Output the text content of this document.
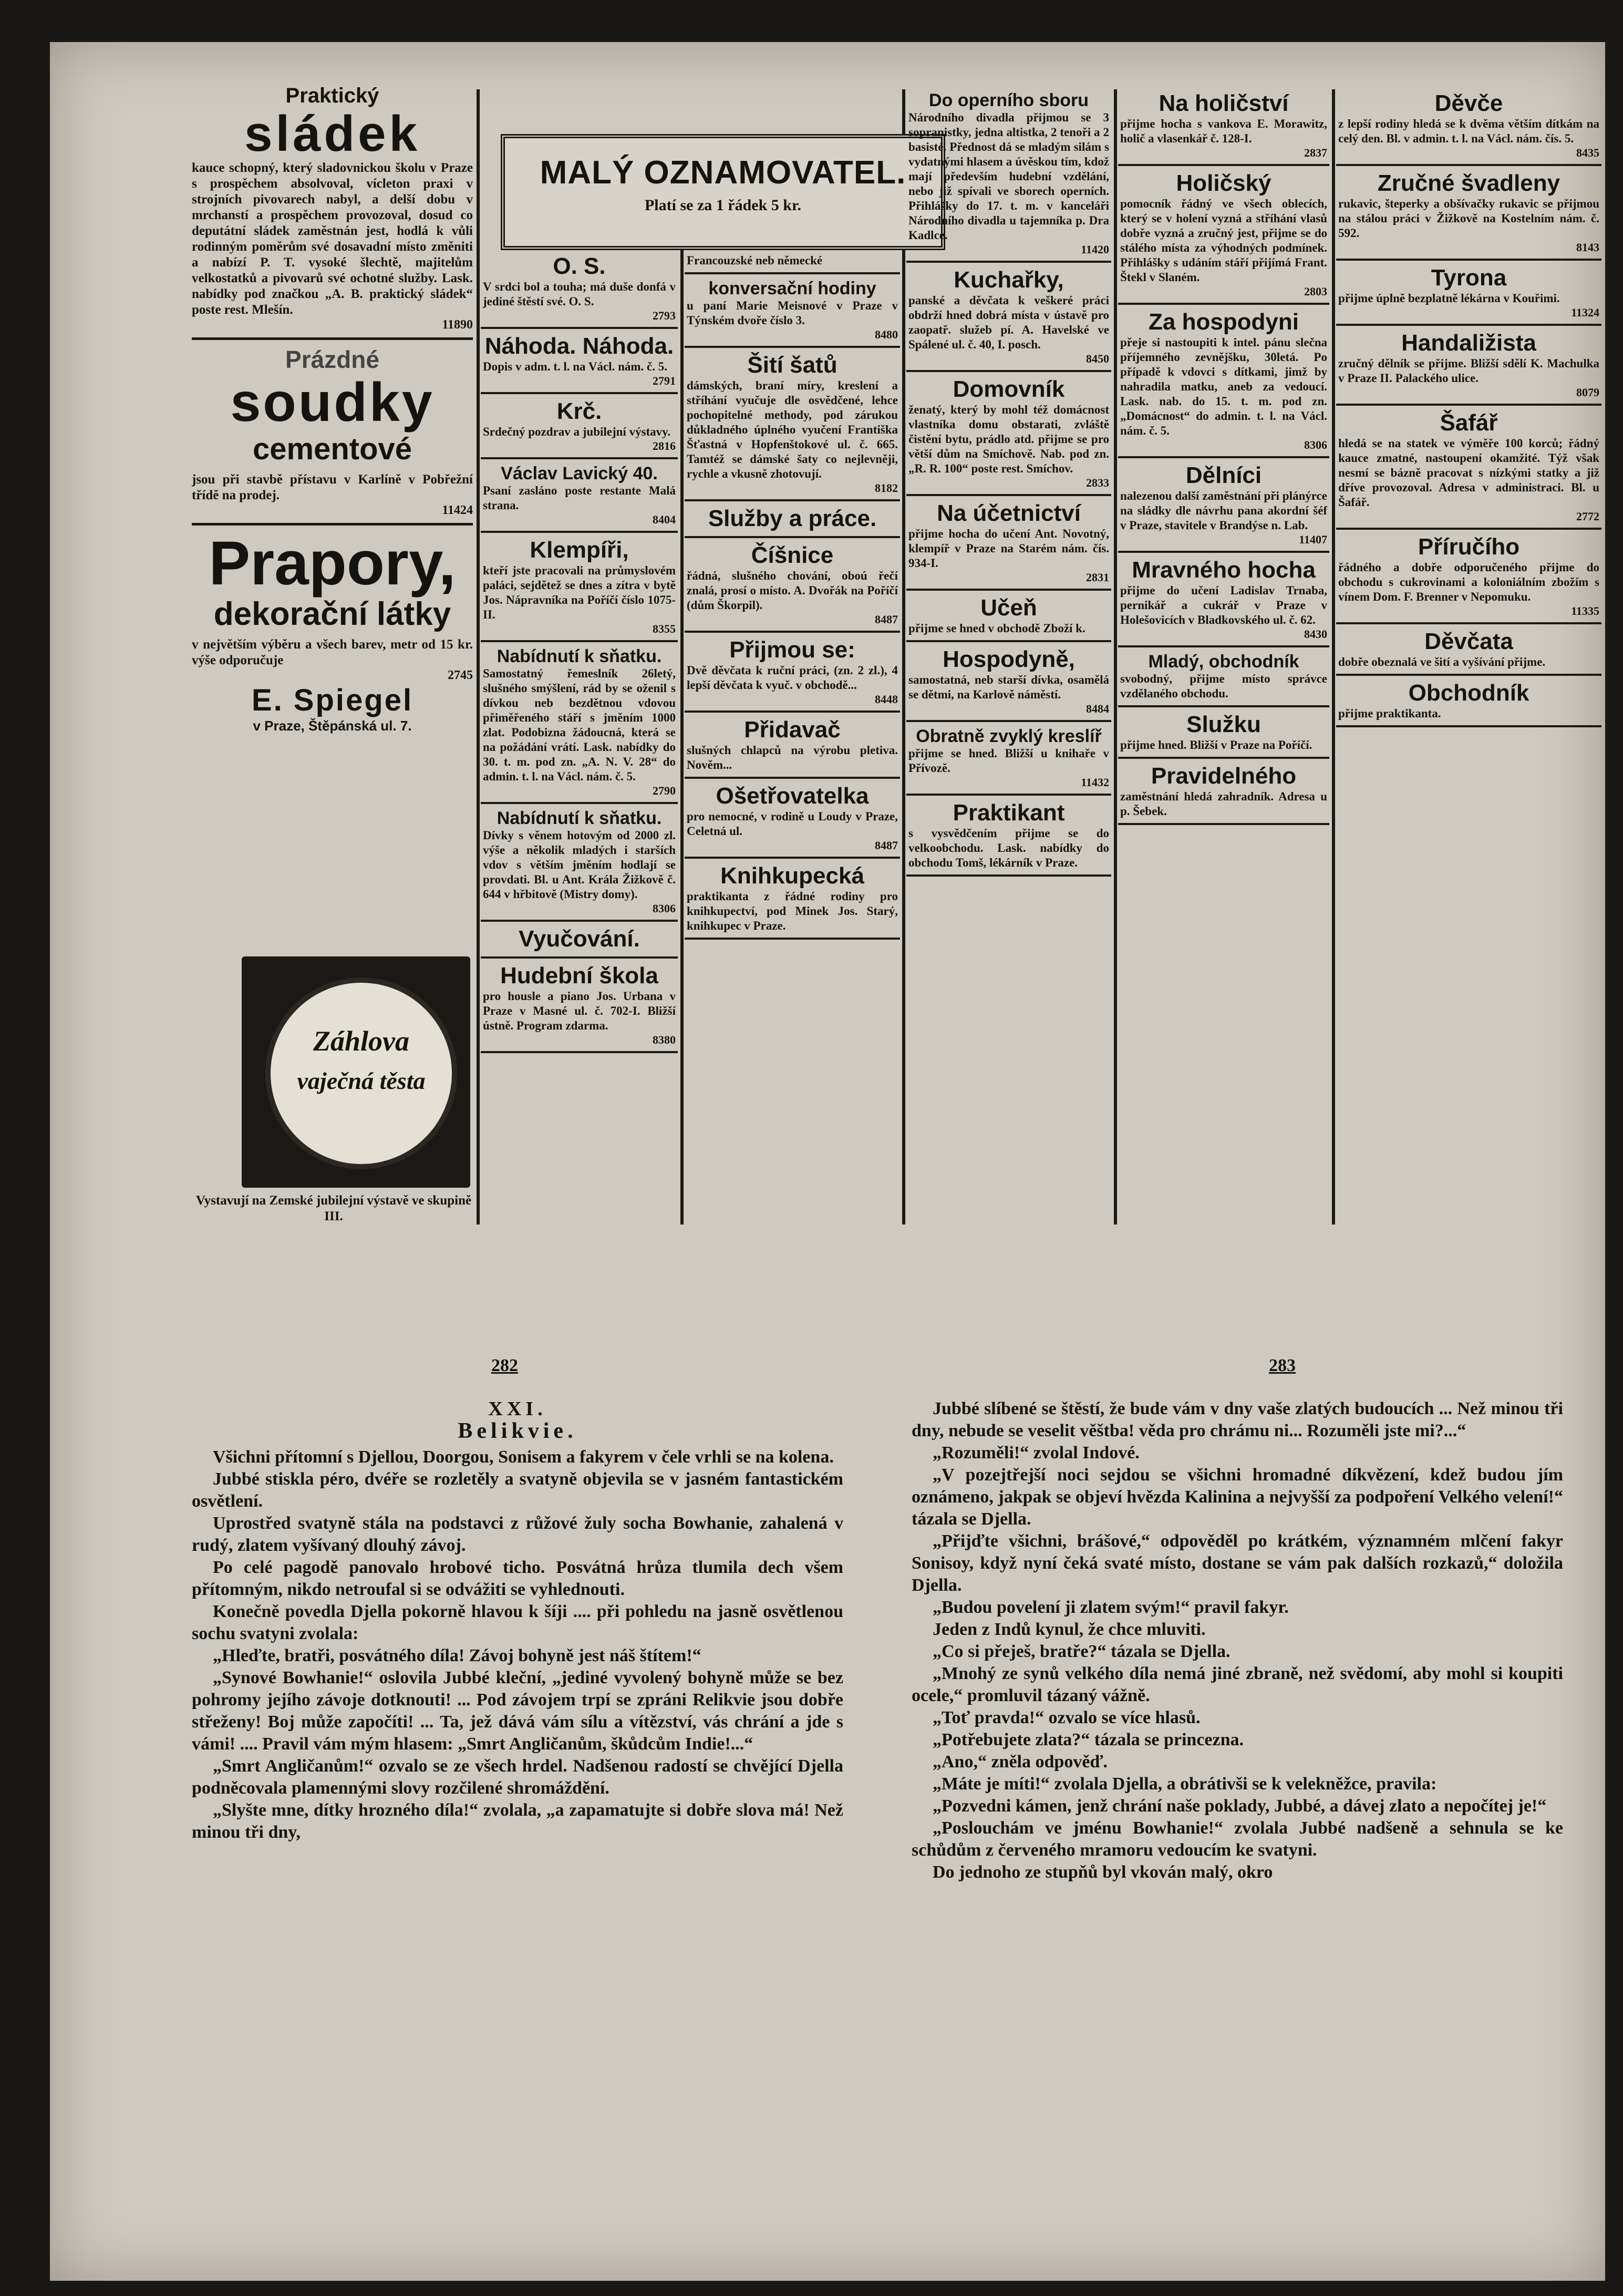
Praktický
sládek

kauce schopný, který sladovnickou školu v Praze s prospěchem absolvoval, vícleton praxi v strojních pivovarech nabyl, a delší dobu v mrchanstí a prospěchem provozoval, dosud co deputátní sládek zaměstnán jest, hodlá k vůli rodinným poměrům své dosavadní místo změniti a nabízí P. T. vysoké šlechtě, majitelům velkostatků a pivovarů své ochotné služby. Lask. nabídky pod značkou „A. B. praktický sládek“ poste rest. Mlešín.

11890
Prázdné
soudky
cementové

jsou při stavbě přístavu v Karlíně v Pobřežní třídě na prodej.

11424
Prapory,
dekorační látky

v největším výběru a všech barev, metr od 15 kr. výše odporučuje

2745
E. Spiegel
v Praze, Štěpánská ul. 7.
Záhlova
vaječná těsta

Vystavují na Zemské jubilejní výstavě ve skupině III.

MALÝ OZNAMOVATEL.
Platí se za 1 řádek 5 kr.
O. S.

V srdci bol a touha; má duše donfá v jediné štěstí své. O. S.

2793
Náhoda. Náhoda.

Dopis v adm. t. l. na Václ. nám. č. 5.

2791
Krč.

Srdečný pozdrav a jubilejní výstavy.

2816
Václav Lavický 40.

Psaní zasláno poste restante Malá strana.

8404
Klempíři,

kteří jste pracovali na průmyslovém paláci, sejdětež se dnes a zítra v bytě Jos. Nápravníka na Poříčí číslo 1075-II.

8355
Nabídnutí k sňatku.

Samostatný řemeslník 26letý, slušného smýšlení, rád by se oženil s dívkou neb bezdětnou vdovou přiměřeného stáří s jměním 1000 zlat. Podobizna žádoucná, která se na požádání vrátí. Lask. nabídky do 30. t. m. pod zn. „A. N. V. 28“ do admin. t. l. na Václ. nám. č. 5.

2790
Nabídnutí k sňatku.

Dívky s věnem hotovým od 2000 zl. výše a několik mladých i starších vdov s větším jměním hodlají se provdati. Bl. u Ant. Krála Žižkově č. 644 v hřbitově (Mistry domy).

8306
Vyučování.
Hudební škola

pro housle a piano Jos. Urbana v Praze v Masné ul. č. 702-I. Bližší ústně. Program zdarma.

8380

Francouzské neb německé

konversační hodiny

u paní Marie Meisnové v Praze v Týnském dvoře číslo 3.

8480
Šití šatů

dámských, braní míry, kreslení a stříhání vyučuje dle osvědčené, lehce pochopitelné methody, pod zárukou důkladného úplného vyučení Františka Šťastná v Hopfenštokové ul. č. 665. Tamtéž se dámské šaty co nejlevněji, rychle a vkusně zhotovují.

8182
Služby a práce.
Číšnice

řádná, slušného chování, oboú řečí znalá, prosí o místo. A. Dvořák na Poříčí (dům Škorpil).

8487
Přijmou se:

Dvě děvčata k ruční práci, (zn. 2 zl.), 4 lepší děvčata k vyuč. v obchodě...

8448
Přidavač

slušných chlapců na výrobu pletiva. Nověm...

Ošetřovatelka

pro nemocné, v rodině u Loudy v Praze, Celetná ul.

8487
Knihkupecká

praktikanta z řádné rodiny pro knihkupectví, pod Minek Jos. Starý, knihkupec v Praze.

Do operního sboru

Národního divadla přijmou se 3 sopranistky, jedna altistka, 2 tenoři a 2 basisté. Přednost dá se mladým silám s vydatnými hlasem a úvěskou tím, kdož mají především hudební vzdělání, nebo již spívali ve sborech operních. Přihlášky do 17. t. m. v kanceláři Národního divadla u tajemníka p. Dra Kadlce.

11420
Kuchařky,

panské a děvčata k veškeré práci obdrží hned dobrá místa v ústavě pro zaopatř. služeb pí. A. Havelské ve Spálené ul. č. 40, I. posch.

8450
Domovník

ženatý, který by mohl též domácnost vlastníka domu obstarati, zvláště čistění bytu, prádlo atd. přijme se pro větší dům na Smíchově. Nab. pod zn. „R. R. 100“ poste rest. Smíchov.

2833
Na účetnictví

přijme hocha do učení Ant. Novotný, klempíř v Praze na Starém nám. čís. 934-I.

2831
Učeň

přijme se hned v obchodě Zboží k.

Hospodyně,

samostatná, neb starší dívka, osamělá se dětmi, na Karlově náměstí.

8484
Obratně zvyklý kreslíř

přijme se hned. Bližší u knihaře v Přívozě.

11432
Praktikant

s vysvědčením přijme se do velkoobchodu. Lask. nabídky do obchodu Tomš, lékárník v Praze.

Na holičství

přijme hocha s vankova E. Morawitz, holič a vlasenkář č. 128-I.

2837
Holičský

pomocník řádný ve všech oblecích, který se v holení vyzná a stříhání vlasů dobře vyzná a zručný jest, přijme se do stálého místa za výhodných podmínek. Přihlášky s udáním stáří přijímá Frant. Štekl v Slaném.

2803
Za hospodyni

přeje si nastoupiti k intel. pánu slečna příjemného zevnějšku, 30letá. Po případě k vdovci s dítkami, jimž by nahradila matku, aneb za vedoucí. Lask. nab. do 15. t. m. pod zn. „Domácnost“ do admin. t. l. na Václ. nám. č. 5.

8306
Dělníci

nalezenou další zaměstnání při plánýrce na sládky dle návrhu pana akordní šéf v Praze, stavitele v Brandýse n. Lab.

11407
Mravného hocha

přijme do učení Ladislav Trnaba, pernikář a cukrář v Praze v Holešovicích v Bladkovského ul. č. 62.

8430
Mladý, obchodník

svobodný, přijme místo správce vzdělaného obchodu.

Služku

přijme hned. Bližší v Praze na Poříčí.

Pravidelného

zaměstnání hledá zahradník. Adresa u p. Šebek.

Děvče

z lepší rodiny hledá se k dvěma větším dítkám na celý den. Bl. v admin. t. l. na Václ. nám. čís. 5.

8435
Zručné švadleny

rukavic, šteperky a obšívačky rukavic se přijmou na stálou práci v Žižkově na Kostelním nám. č. 592.

8143
Tyrona

přijme úplně bezplatně lékárna v Kouřimi.

11324
Handaližista

zručný dělník se přijme. Bližší sdělí K. Machulka v Praze II. Palackého ulice.

8079
Šafář

hledá se na statek ve výměře 100 korců; řádný kauce zmatné, nastoupení okamžité. Týž však nesmí se bázně pracovat s nízkými statky a již dříve provozoval. Adresa v administraci. Bl. u Šafář.

2772
Příručího

řádného a dobře odporučeného přijme do obchodu s cukrovinami a koloniálním zbožím s vínem Dom. F. Brenner v Nepomuku.

11335
Děvčata

dobře obeznalá ve šití a vyšívání přijme.

Obchodník

přijme praktikanta.

282	283

XXI.

Belikvie.

Všichni přítomní s Djellou, Doorgou, Sonisem a fakyrem v čele vrhli se na kolena.

Jubbé stiskla péro, dvéře se rozletěly a svatyně objevila se v jasném fantastickém osvětlení.

Uprostřed svatyně stála na podstavci z růžové žuly socha Bowhanie, zahalená v rudý, zlatem vyšívaný dlouhý závoj.

Po celé pagodě panovalo hrobové ticho. Posvátná hrůza tlumila dech všem přítomným, nikdo netroufal si se odvážiti se vyhlednouti.

Konečně povedla Djella pokorně hlavou k šíji .... při pohledu na jasně osvětlenou sochu svatyni zvolala:

„Hleďte, bratři, posvátného díla! Závoj bohyně jest náš štítem!“

„Synové Bowhanie!“ oslovila Jubbé kleční, „jediné vyvolený bohyně může se bez pohromy jejího závoje dotknouti! ... Pod závojem trpí se zpráni Relikvie jsou dobře střeženy! Boj může započíti! ... Ta, jež dává vám sílu a vítězství, vás chrání a jde s vámi! .... Pravil vám mým hlasem: „Smrt Angličanům, škůdcům Indie!...“

„Smrt Angličanům!“ ozvalo se ze všech hrdel. Nadšenou radostí se chvějící Djella podněcovala plamennými slovy rozčilené shromáždění.

„Slyšte mne, dítky hrozného díla!“ zvolala, „a zapamatujte si dobře slova má! Než minou tři dny,

Jubbé slíbené se štěstí, že bude vám v dny vaše zlatých budoucích ... Než minou tři dny, nebude se veselit věštba! věda pro chrámu ni... Rozuměli jste mi?...“

„Rozuměli!“ zvolal Indové.

„V pozejtřejší noci sejdou se všichni hromadné díkvězení, kdež budou jím oznámeno, jakpak se objeví hvězda Kalinina a nejvyšší za podpoření Velkého velení!“ tázala se Djella.

„Přijďte všichni, brášové,“ odpověděl po krátkém, významném mlčení fakyr Sonisoy, když nyní čeká svaté místo, dostane se vám pak dalších rozkazů,“ doložila Djella.

„Budou povelení ji zlatem svým!“ pravil fakyr.

Jeden z Indů kynul, že chce mluviti.

„Co si přeješ, bratře?“ tázala se Djella.

„Mnohý ze synů velkého díla nemá jiné zbraně, než svědomí, aby mohl si koupiti ocele,“ promluvil tázaný vážně.

„Toť pravda!“ ozvalo se více hlasů.

„Potřebujete zlata?“ tázala se princezna.

„Ano,“ zněla odpověď.

„Máte je míti!“ zvolala Djella, a obrátivši se k velekněžce, pravila:

„Pozvedni kámen, jenž chrání naše poklady, Jubbé, a dávej zlato a nepočítej je!“

„Poslouchám ve jménu Bowhanie!“ zvolala Jubbé nadšeně a sehnula se ke schůdům z červeného mramoru vedoucím ke svatyni.

Do jednoho ze stupňů byl vkován malý, okro
